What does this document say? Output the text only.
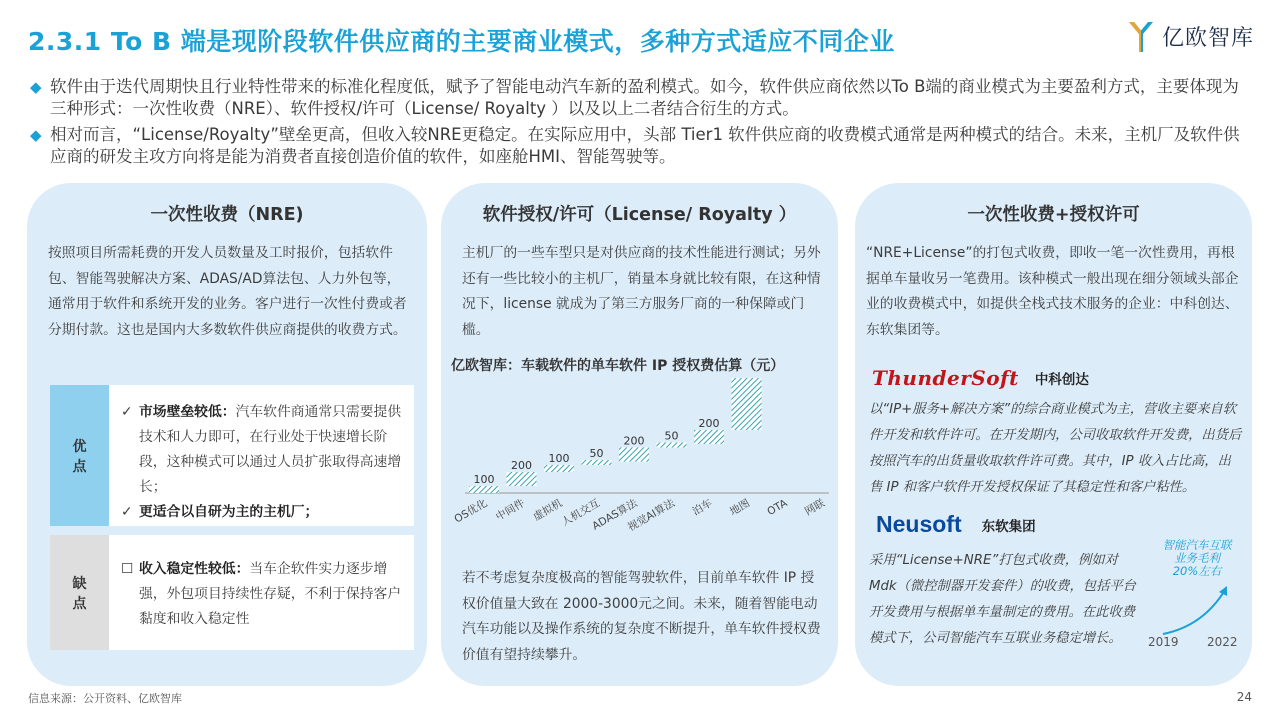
2.3.1 To B 端是现阶段软件供应商的主要商业模式，多种方式适应不同企业	亿欧智库
◆ 软件由于迭代周期快且行业特性带来的标准化程度低，赋予了智能电动汽车新的盈利模式。如今，软件供应商依然以To B端的商业模式为主要盈利方式，主要体现为三种形式：一次性收费（NRE）、软件授权/许可（License/ Royalty ）以及以上二者结合衍生的方式。
◆ 相对而言，“License/Royalty”壁垒更高，但收入较NRE更稳定。在实际应用中，头部 Tier1 软件供应商的收费模式通常是两种模式的结合。未来，主机厂及软件供应商的研发主攻方向将是能为消费者直接创造价值的软件，如座舱HMI、智能驾驶等。
一次性收费（NRE)
按照项目所需耗费的开发人员数量及工时报价，包括软件包、智能驾驶解决方案、ADAS/AD算法包、人力外包等，通常用于软件和系统开发的业务。客户进行一次性付费或者分期付款。这也是国内大多数软件供应商提供的收费方式。
优
点
✓ 市场壁垒较低：汽车软件商通常只需要提供技术和人力即可，在行业处于快速增长阶段，这种模式可以通过人员扩张取得高速增长；
✓ 更适合以自研为主的主机厂；
缺
点
☐ 收入稳定性较低：当车企软件实力逐步增强，外包项目持续性存疑，不利于保持客户黏度和收入稳定性
软件授权/许可（License/ Royalty ）
主机厂的一些车型只是对供应商的技术性能进行测试；另外还有一些比较小的主机厂，销量本身就比较有限，在这种情况下，license 就成为了第三方服务厂商的一种保障或门槛。
亿欧智库：车载软件的单车软件 IP 授权费估算（元）
100
OS优化
200
中间件
100
虚拟机
50
人机交互
200
ADAS算法
50
视觉AI算法
200
泊车 地图 OTA 网联
若不考虑复杂度极高的智能驾驶软件，目前单车软件 IP 授权价值量大致在 2000-3000元之间。未来，随着智能电动汽车功能以及操作系统的复杂度不断提升，单车软件授权费价值有望持续攀升。
一次性收费+授权许可
“NRE+License”的打包式收费，即收一笔一次性费用，再根据单车量收另一笔费用。该种模式一般出现在细分领域头部企业的收费模式中，如提供全栈式技术服务的企业：中科创达、东软集团等。
ThunderSoft 中科创达
以“IP+服务+解决方案”的综合商业模式为主，营收主要来自软件开发和软件许可。在开发期内，公司收取软件开发费，出货后按照汽车的出货量收取软件许可费。其中，IP 收入占比高，出售 IP 和客户软件开发授权保证了其稳定性和客户粘性。
Neusoft 东软集团
采用“License+NRE”打包式收费，例如对Mdk（微控制器开发套件）的收费，包括平台开发费用与根据单车量制定的费用。在此收费模式下，公司智能汽车互联业务稳定增长。
智能汽车互联
业务毛利
20%左右
2019 2022
信息来源：公开资料、亿欧智库	24
